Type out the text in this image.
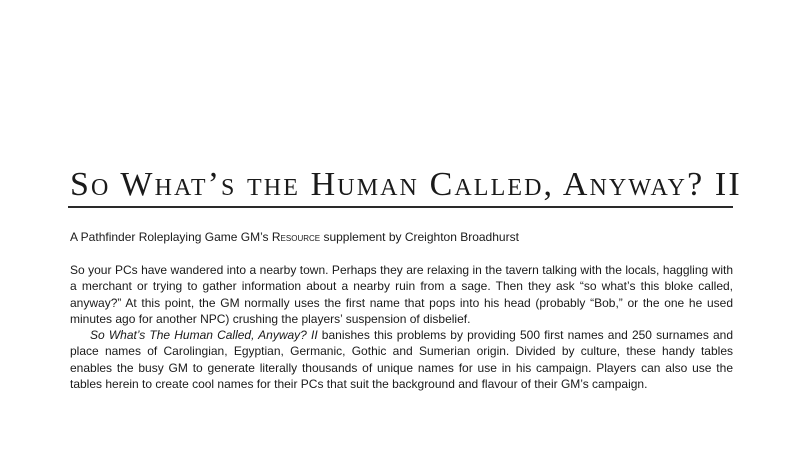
So What’s the Human Called, Anyway? II
A Pathfinder Roleplaying Game GM’s Resource supplement by Creighton Broadhurst

So your PCs have wandered into a nearby town. Perhaps they are relaxing in the tavern talking with the locals, haggling with a merchant or trying to gather information about a nearby ruin from a sage. Then they ask “so what’s this bloke called, anyway?” At this point, the GM normally uses the first name that pops into his head (probably “Bob,” or the one he used minutes ago for another NPC) crushing the players’ suspension of disbelief.

So What’s The Human Called, Anyway? II banishes this problems by providing 500 first names and 250 surnames and place names of Carolingian, Egyptian, Germanic, Gothic and Sumerian origin. Divided by culture, these handy tables enables the busy GM to generate literally thousands of unique names for use in his campaign. Players can also use the tables herein to create cool names for their PCs that suit the background and flavour of their GM’s campaign.
